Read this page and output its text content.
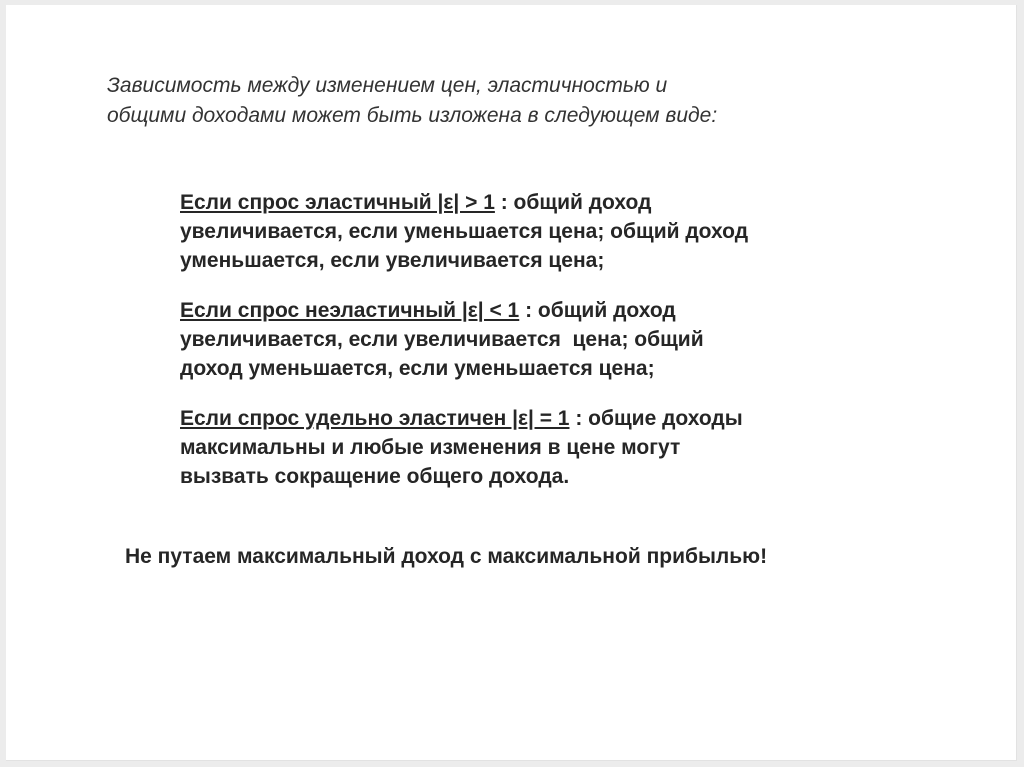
Зависимость между изменением цен, эластичностью и
общими доходами может быть изложена в следующем виде:

Если спрос эластичный |ε| > 1 : общий доход
увеличивается, если уменьшается цена; общий доход
уменьшается, если увеличивается цена;

Если спрос неэластичный |ε| < 1 : общий доход
увеличивается, если увеличивается  цена; общий
доход уменьшается, если уменьшается цена;

Если спрос удельно эластичен |ε| = 1 : общие доходы
максимальны и любые изменения в цене могут
вызвать сокращение общего дохода.

Не путаем максимальный доход с максимальной прибылью!
